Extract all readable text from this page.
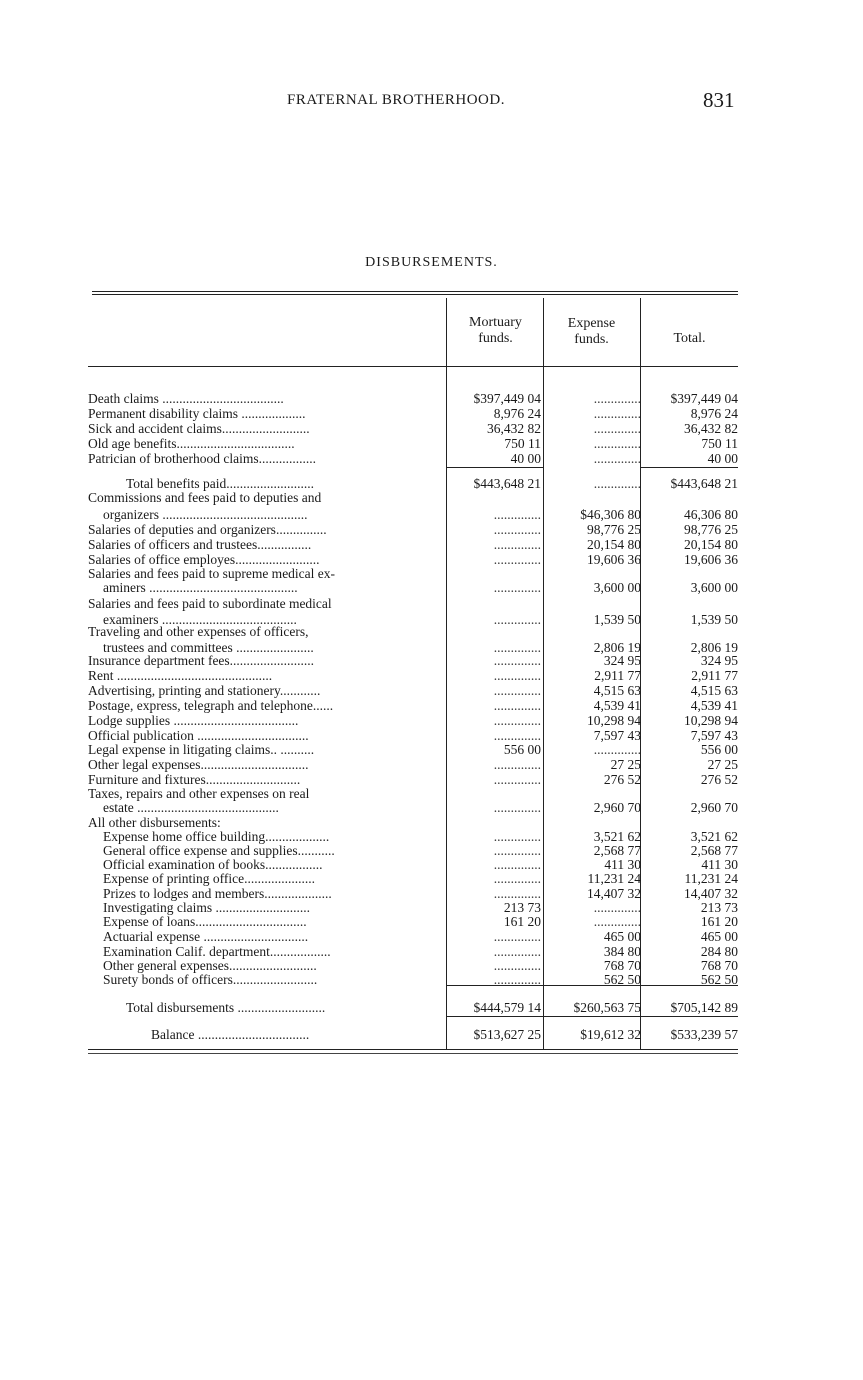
FRATERNAL BROTHERHOOD.	831
DISBURSEMENTS.
Mortuary
funds.
Expense
funds.	Total.
Death claims ....................................	$397,449 04	..............	$397,449 04
Permanent disability claims ...................	8,976 24	..............	8,976 24
Sick and accident claims..........................	36,432 82	..............	36,432 82
Old age benefits...................................	750 11	..............	750 11
Patrician of brotherhood claims.................	40 00	..............	40 00
Total benefits paid..........................	$443,648 21	..............	$443,648 21
Commissions and fees paid to deputies and
organizers ...........................................	..............	$46,306 80	46,306 80
Salaries of deputies and organizers...............	..............	98,776 25	98,776 25
Salaries of officers and trustees................	..............	20,154 80	20,154 80
Salaries of office employes.........................	..............	19,606 36	19,606 36
Salaries and fees paid to supreme medical ex-
aminers ............................................	..............	3,600 00	3,600 00
Salaries and fees paid to subordinate medical
examiners ........................................	..............	1,539 50	1,539 50
Traveling and other expenses of officers,
trustees and committees .......................	..............	2,806 19	2,806 19
Insurance department fees.........................	..............	324 95	324 95
Rent ..............................................	..............	2,911 77	2,911 77
Advertising, printing and stationery............	..............	4,515 63	4,515 63
Postage, express, telegraph and telephone......	..............	4,539 41	4,539 41
Lodge supplies .....................................	..............	10,298 94	10,298 94
Official publication .................................	..............	7,597 43	7,597 43
Legal expense in litigating claims.. ..........	556 00	..............	556 00
Other legal expenses................................	..............	27 25	27 25
Furniture and fixtures............................	..............	276 52	276 52
Taxes, repairs and other expenses on real
estate ..........................................	..............	2,960 70	2,960 70
All other disbursements:
Expense home office building...................	..............	3,521 62	3,521 62
General office expense and supplies...........	..............	2,568 77	2,568 77
Official examination of books.................	..............	411 30	411 30
Expense of printing office.....................	..............	11,231 24	11,231 24
Prizes to lodges and members....................	..............	14,407 32	14,407 32
Investigating claims ............................	213 73	..............	213 73
Expense of loans.................................	161 20	..............	161 20
Actuarial expense ...............................	..............	465 00	465 00
Examination Calif. department..................	..............	384 80	284 80
Other general expenses..........................	..............	768 70	768 70
Surety bonds of officers.........................	..............	562 50	562 50
Total disbursements ..........................	$444,579 14	$260,563 75	$705,142 89
Balance .................................	$513,627 25	$19,612 32	$533,239 57
